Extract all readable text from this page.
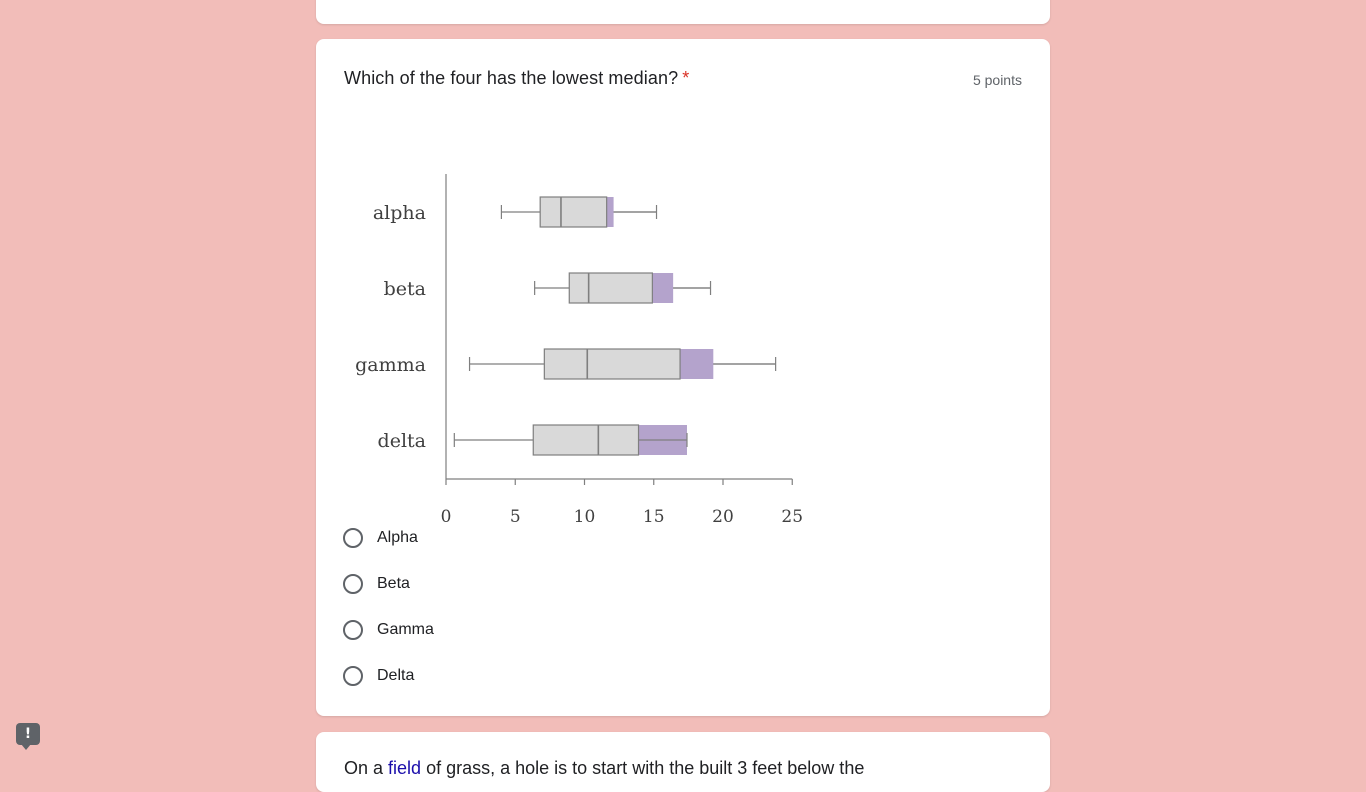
Which of the four has the lowest median? *	5 points
0	5	10	15	20	25
alpha
beta
gamma
delta
Alpha
Beta
Gamma
Delta
On a field of grass, a hole is to start with the built 3 feet below the
!
